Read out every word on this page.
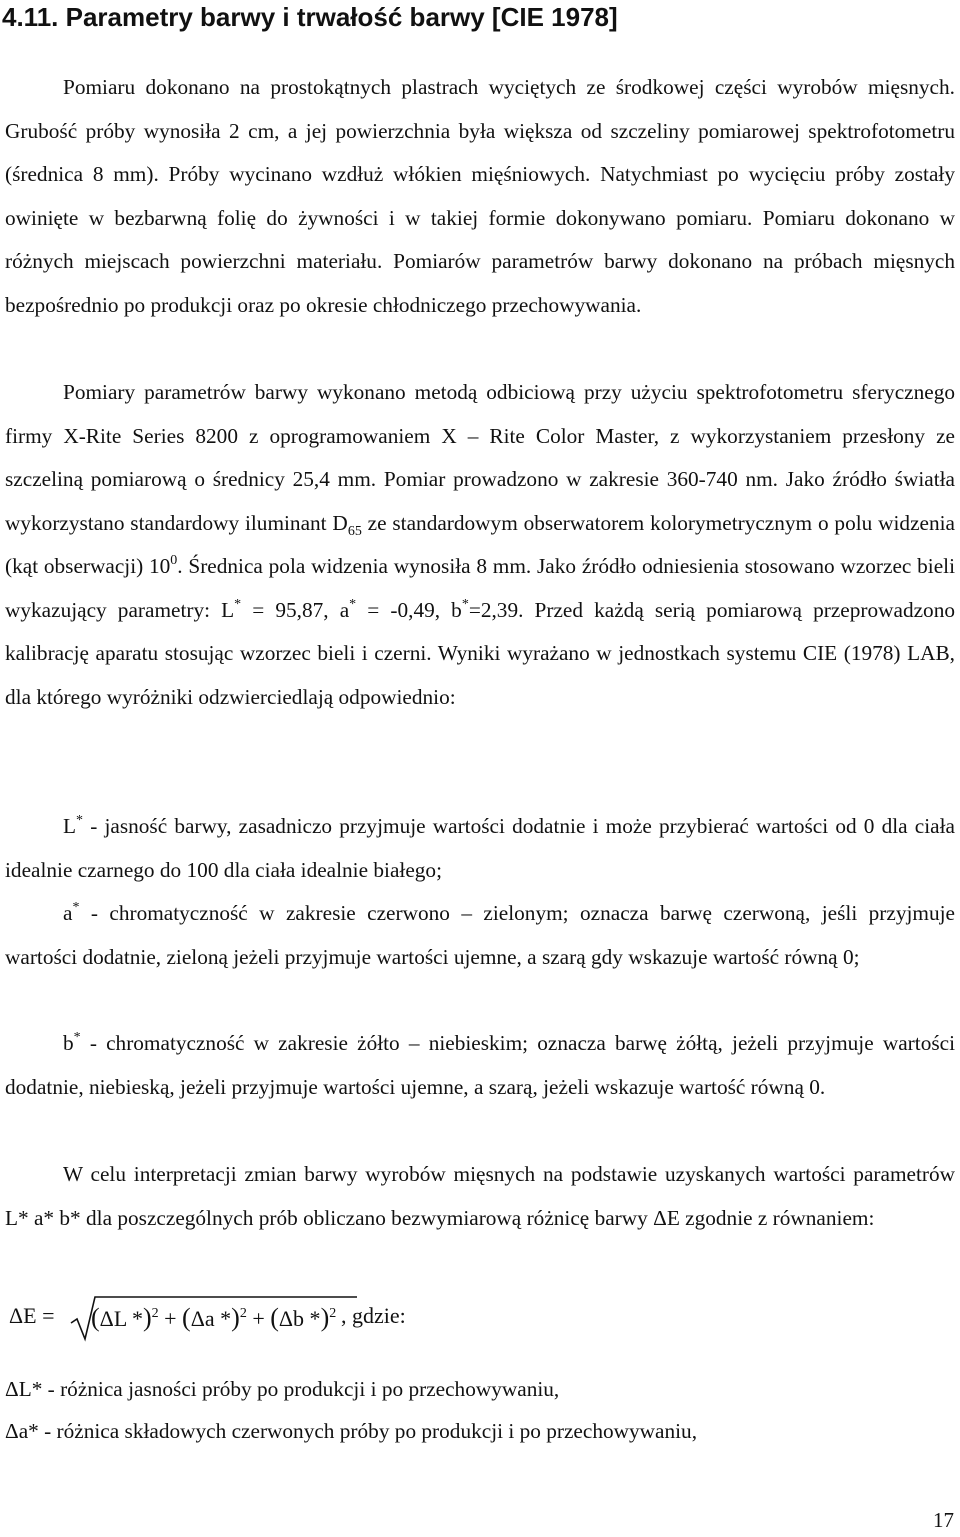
4.11. Parametry barwy i trwałość barwy [CIE 1978]

Pomiaru dokonano na prostokątnych plastrach wyciętych ze środkowej części wyrobów mięsnych. Grubość próby wynosiła 2 cm, a jej powierzchnia była większa od szczeliny pomiarowej spektrofotometru (średnica 8 mm). Próby wycinano wzdłuż włókien mięśniowych. Natychmiast po wycięciu próby zostały owinięte w bezbarwną folię do żywności i w takiej formie dokonywano pomiaru. Pomiaru dokonano w różnych miejscach powierzchni materiału. Pomiarów parametrów barwy dokonano na próbach mięsnych bezpośrednio po produkcji oraz po okresie chłodniczego przechowywania.

Pomiary parametrów barwy wykonano metodą odbiciową przy użyciu spektrofotometru sferycznego firmy X-Rite Series 8200 z oprogramowaniem X – Rite Color Master, z wykorzystaniem przesłony ze szczeliną pomiarową o średnicy 25,4 mm. Pomiar prowadzono w zakresie 360-740 nm. Jako źródło światła wykorzystano standardowy iluminant $D_{65}$ ze standardowym obserwatorem kolorymetrycznym o polu widzenia (kąt obserwacji) $10^0$. Średnica pola widzenia wynosiła 8 mm. Jako źródło odniesienia stosowano wzorzec bieli wykazujący parametry: L* = 95,87, a* = -0,49, b*=2,39. Przed każdą serią pomiarową przeprowadzono kalibrację aparatu stosując wzorzec bieli i czerni. Wyniki wyrażano w jednostkach systemu CIE (1978) LAB, dla którego wyróżniki odzwierciedlają odpowiednio:

L* - jasność barwy, zasadniczo przyjmuje wartości dodatnie i może przybierać wartości od 0 dla ciała idealnie czarnego do 100 dla ciała idealnie białego;

a* - chromatyczność w zakresie czerwono – zielonym; oznacza barwę czerwoną, jeśli przyjmuje wartości dodatnie, zieloną jeżeli przyjmuje wartości ujemne, a szarą gdy wskazuje wartość równą 0;

b* - chromatyczność w zakresie żółto – niebieskim; oznacza barwę żółtą, jeżeli przyjmuje wartości dodatnie, niebieską, jeżeli przyjmuje wartości ujemne, a szarą, jeżeli wskazuje wartość równą 0.

W celu interpretacji zmian barwy wyrobów mięsnych na podstawie uzyskanych wartości parametrów L* a* b* dla poszczególnych prób obliczano bezwymiarową różnicę barwy ΔE zgodnie z równaniem:

ΔE = (ΔL *)$^2$ + (Δa *)$^2$ + (Δb *)$^2$ , gdzie:
ΔL* - różnica jasności próby po produkcji i po przechowywaniu,
Δa* - różnica składowych czerwonych próby po produkcji i po przechowywaniu,
17
